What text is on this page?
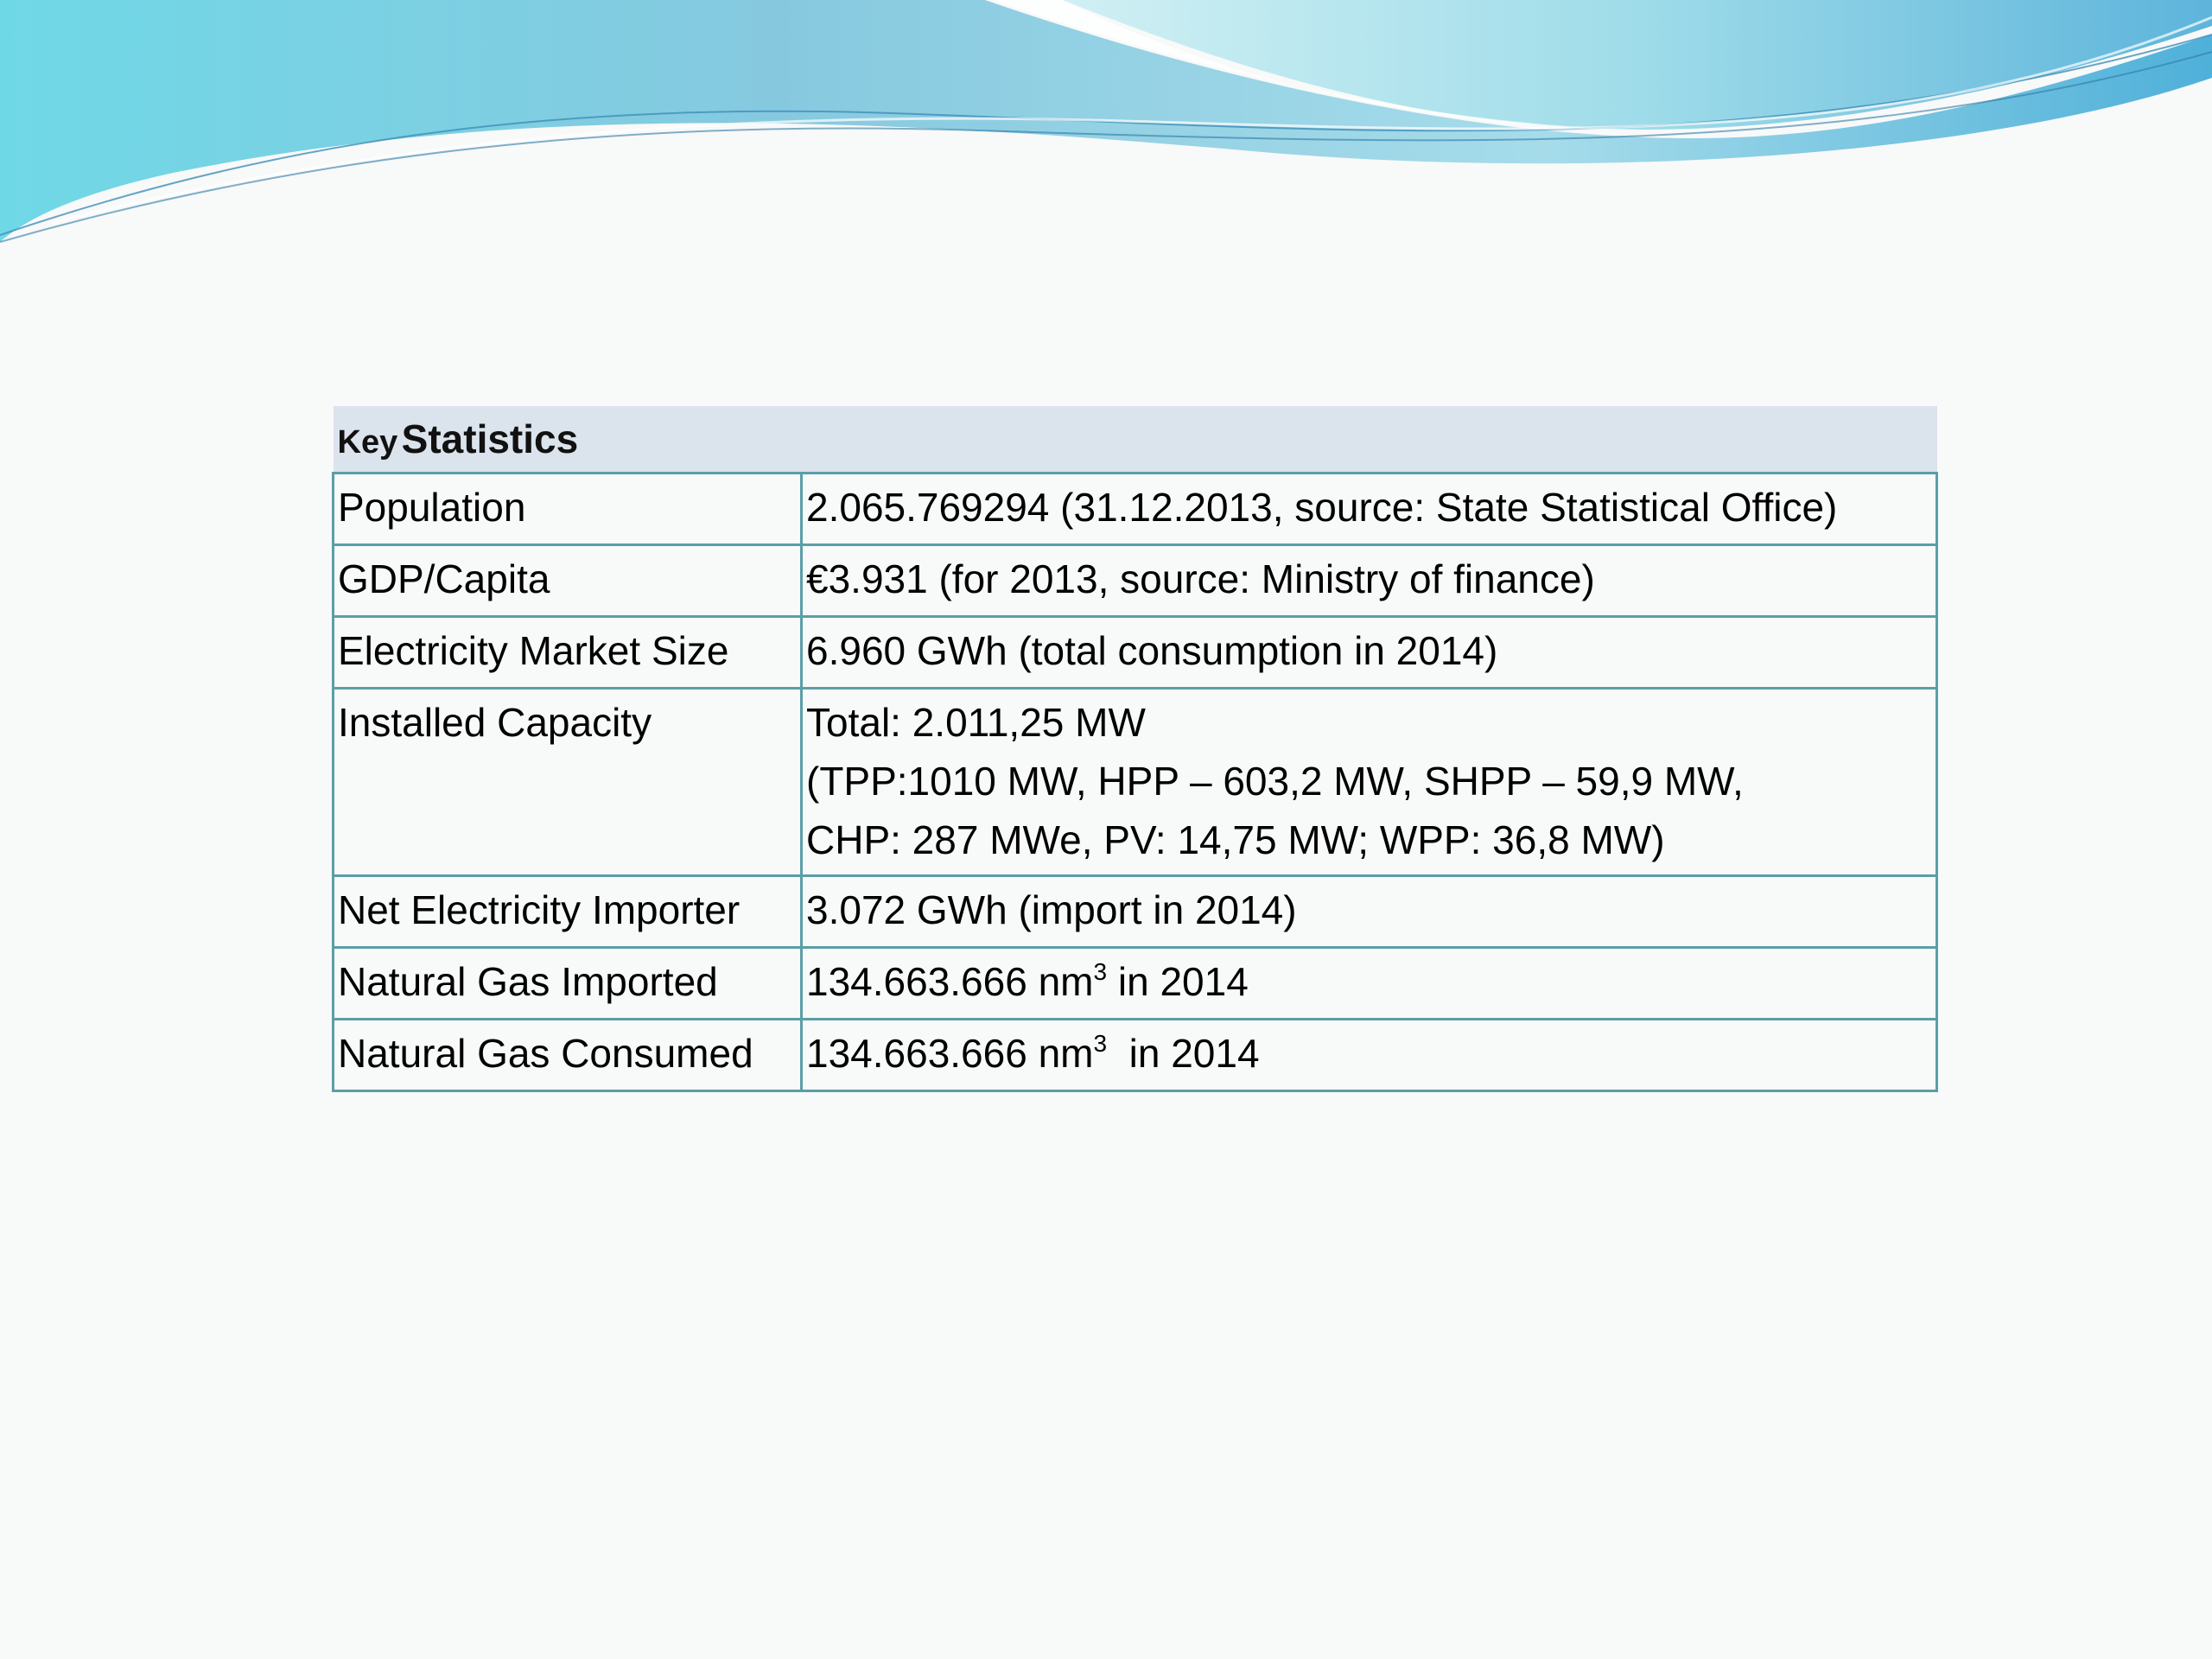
Key Statistics	
Population	2.065.769294 (31.12.2013, source: State Statistical Office)
GDP/Capita	€3.931 (for 2013, source: Ministry of finance)
Electricity Market Size	6.960 GWh (total consumption in 2014)
Installed Capacity	Total: 2.011,25 MW
(TPP:1010 MW, HPP – 603,2 MW, SHPP – 59,9 MW,
CHP: 287 MWe, PV: 14,75 MW; WPP: 36,8 MW)

Net Electricity Importer	3.072 GWh (import in 2014)
Natural Gas Imported	134.663.666 $nm^3$ in 2014
Natural Gas Consumed	134.663.666 $nm^3$  in 2014
